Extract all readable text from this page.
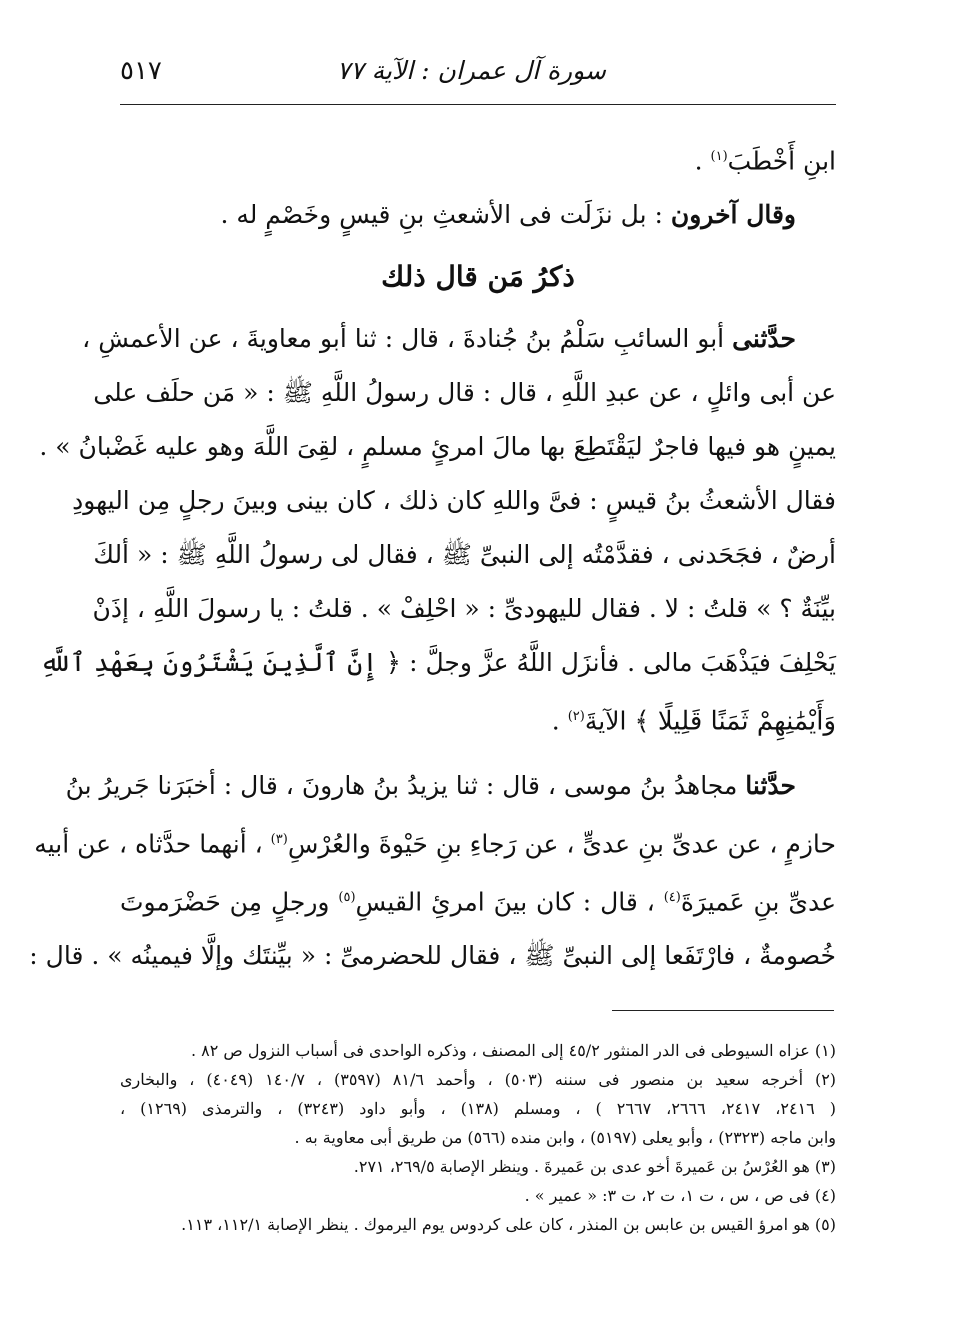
سورة آل عمران : الآية ٧٧
٥١٧
ابنِ أَخْطَبَ$^{(١)}$ .
وقال آخرون : بل نزَلَت فى الأشعثِ بنِ قيسٍ وخَصْمٍ له .
ذكرُ مَن قال ذلك
حدَّثنى أبو السائبِ سَلْمُ بنُ جُنادةَ ، قال : ثنا أبو معاويةَ ، عن الأعمشِ ،
عن أبى وائلٍ ، عن عبدِ اللَّهِ ، قال : قال رسولُ اللَّهِ ﷺ : « مَن حلَف على
يمينٍ هو فيها فاجرٌ ليَقْتَطِعَ بها مالَ امرئٍ مسلمٍ ، لقِىَ اللَّهَ وهو عليه غَضْبانُ » .
فقال الأشعثُ بنُ قيسٍ : فىَّ واللهِ كان ذلك ، كان بينى وبينَ رجلٍ مِن اليهودِ
أرضٌ ، فجَحَدنى ، فقدَّمْتُه إلى النبىِّ ﷺ ، فقال لى رسولُ اللَّهِ ﷺ : « ألكَ
بيِّنَةٌ ؟ » قلتُ : لا . فقال لليهودىِّ : « احْلِفْ » . قلتُ : يا رسولَ اللَّهِ ، إذَنْ
يَحْلِفَ فيَذْهَبَ مالى . فأنزَل اللَّهُ عزَّ وجلَّ : ﴿ إِنَّ ٱلَّذِينَ يَشْتَرُونَ بِعَهْدِ ٱللَّهِ
وَأَيْمَٰنِهِمْ ثَمَنًا قَلِيلًا ﴾ الآيةَ$^{(٢)}$ .
حدَّثنا مجاهدُ بنُ موسى ، قال : ثنا يزيدُ بنُ هارونَ ، قال : أخبَرَنا جَريرُ بنُ
حازمٍ ، عن عدىِّ بنِ عدىٍّ ، عن رَجاءِ بنِ حَيْوةَ والعُرْسِ$^{(٣)}$ ، أنهما حدَّثاه ، عن أبيه
عدىِّ بنِ عَميرَةَ$^{(٤)}$ ، قال : كان بينَ امرئِ القيسِ$^{(٥)}$ ورجلٍ مِن حَضْرَموتَ
خُصومةٌ ، فارْتَفَعا إلى النبىِّ ﷺ ، فقال للحضرمىِّ : « بيِّنتَك وإلَّا فيمينُه » . قال :
(١) عزاه السيوطى فى الدر المنثور ٤٥/٢ إلى المصنف ، وذكره الواحدى فى أسباب النزول ص ٨٢ .
(٢) أخرجه سعيد بن منصور فى سننه (٥٠٣) ، وأحمد ٨١/٦ (٣٥٩٧) ، ١٤٠/٧ (٤٠٤٩) ، والبخارى
( ٢٤١٦، ٢٤١٧، ٢٦٦٦، ٢٦٦٧ ) ، ومسلم (١٣٨) ، وأبو داود (٣٢٤٣) ، والترمذى (١٢٦٩) ،
وابن ماجه (٢٣٢٣) ، وأبو يعلى (٥١٩٧) ، وابن منده (٥٦٦) من طريق أبى معاوية به .
(٣) هو العُرْسُ بن عَميرةَ أخو عدى بن عَميرةَ . وينظر الإصابة ٢٦٩/٥، ٢٧١.
(٤) فى ص ، س ، ت ١، ت ٢، ت ٣: « عمير » .
(٥) هو امرؤ القيس بن عابس بن المنذر ، كان على كردوس يوم اليرموك . ينظر الإصابة ١١٢/١، ١١٣.
